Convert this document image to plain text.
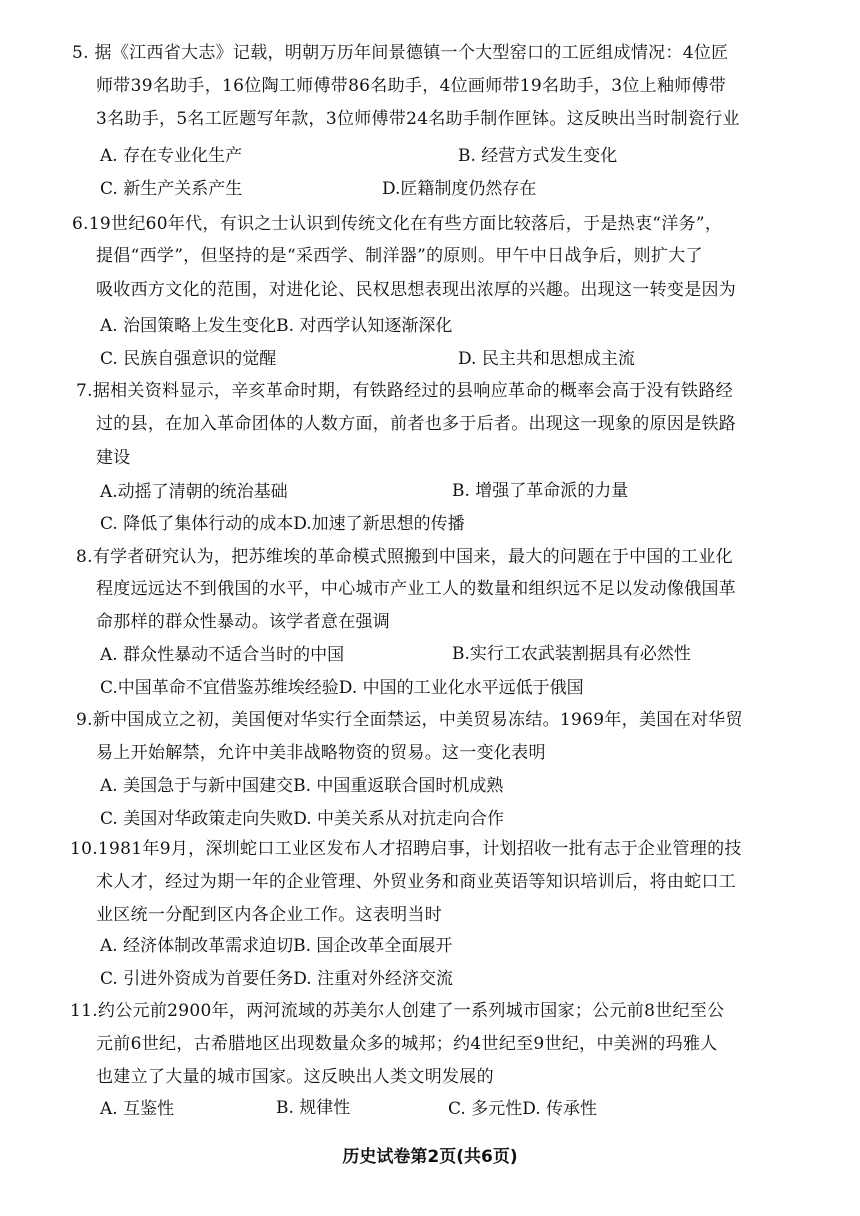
5. 据《江西省大志》记载，明朝万历年间景德镇一个大型窑口的工匠组成情况：4位匠
师带39名助手，16位陶工师傅带86名助手，4位画师带19名助手，3位上釉师傅带
3名助手，5名工匠题写年款，3位师傅带24名助手制作匣钵。这反映出当时制瓷行业
A. 存在专业化生产	B. 经营方式发生变化
C. 新生产关系产生	D.匠籍制度仍然存在
6.19世纪60年代，有识之士认识到传统文化在有些方面比较落后，于是热衷“洋务”，
提倡“西学”，但坚持的是“采西学、制洋器”的原则。甲午中日战争后，则扩大了
吸收西方文化的范围，对进化论、民权思想表现出浓厚的兴趣。出现这一转变是因为
A. 治国策略上发生变化B. 对西学认知逐渐深化
C. 民族自强意识的觉醒	D. 民主共和思想成主流
7.据相关资料显示，辛亥革命时期，有铁路经过的县响应革命的概率会高于没有铁路经
过的县，在加入革命团体的人数方面，前者也多于后者。出现这一现象的原因是铁路
建设
A.动摇了清朝的统治基础	B. 增强了革命派的力量
C. 降低了集体行动的成本D.加速了新思想的传播
8.有学者研究认为，把苏维埃的革命模式照搬到中国来，最大的问题在于中国的工业化
程度远远达不到俄国的水平，中心城市产业工人的数量和组织远不足以发动像俄国革
命那样的群众性暴动。该学者意在强调
A. 群众性暴动不适合当时的中国	B.实行工农武装割据具有必然性
C.中国革命不宜借鉴苏维埃经验D. 中国的工业化水平远低于俄国
9.新中国成立之初，美国便对华实行全面禁运，中美贸易冻结。1969年，美国在对华贸
易上开始解禁，允许中美非战略物资的贸易。这一变化表明
A. 美国急于与新中国建交B. 中国重返联合国时机成熟
C. 美国对华政策走向失败D. 中美关系从对抗走向合作
10.1981年9月，深圳蛇口工业区发布人才招聘启事，计划招收一批有志于企业管理的技
术人才，经过为期一年的企业管理、外贸业务和商业英语等知识培训后，将由蛇口工
业区统一分配到区内各企业工作。这表明当时
A. 经济体制改革需求迫切B. 国企改革全面展开
C. 引进外资成为首要任务D. 注重对外经济交流
11.约公元前2900年，两河流域的苏美尔人创建了一系列城市国家；公元前8世纪至公
元前6世纪，古希腊地区出现数量众多的城邦；约4世纪至9世纪，中美洲的玛雅人
也建立了大量的城市国家。这反映出人类文明发展的
A. 互鉴性	B. 规律性	C. 多元性D. 传承性
历史试卷第2页(共6页)
